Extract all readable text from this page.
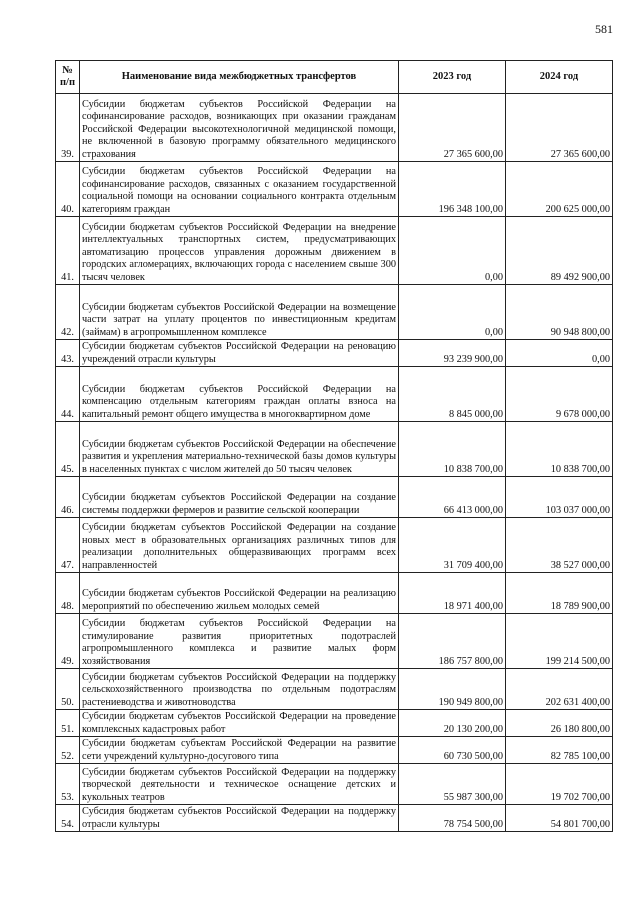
581
№ п/п	Наименование вида межбюджетных трансфертов	2023 год	2024 год
39.	Субсидии бюджетам субъектов Российской Федерации на софинансирование расходов, возникающих при оказании гражданам Российской Федерации высокотехнологичной медицинской помощи, не включенной в базовую программу обязательного медицинского страхования	27 365 600,00	27 365 600,00
40.	Субсидии бюджетам субъектов Российской Федерации на софинансирование расходов, связанных с оказанием государственной социальной помощи на основании социального контракта отдельным категориям граждан	196 348 100,00	200 625 000,00
41.	Субсидии бюджетам субъектов Российской Федерации на внедрение интеллектуальных транспортных систем, предусматривающих автоматизацию процессов управления дорожным движением в городских агломерациях, включающих города с населением свыше 300 тысяч человек	0,00	89 492 900,00
42.	Субсидии бюджетам субъектов Российской Федерации на возмещение части затрат на уплату процентов по инвестиционным кредитам (займам) в агропромышленном комплексе	0,00	90 948 800,00
43.	Субсидии бюджетам субъектов Российской Федерации на реновацию учреждений отрасли культуры	93 239 900,00	0,00
44.	Субсидии бюджетам субъектов Российской Федерации на компенсацию отдельным категориям граждан оплаты взноса на капитальный ремонт общего имущества в многоквартирном доме	8 845 000,00	9 678 000,00
45.	Субсидии бюджетам субъектов Российской Федерации на обеспечение развития и укрепления материально-технической базы домов культуры в населенных пунктах с числом жителей до 50 тысяч человек	10 838 700,00	10 838 700,00
46.	Субсидии бюджетам субъектов Российской Федерации на создание системы поддержки фермеров и развитие сельской кооперации	66 413 000,00	103 037 000,00
47.	Субсидии бюджетам субъектов Российской Федерации на создание новых мест в образовательных организациях различных типов для реализации дополнительных общеразвивающих программ всех направленностей	31 709 400,00	38 527 000,00
48.	Субсидии бюджетам субъектов Российской Федерации на реализацию мероприятий по обеспечению жильем молодых семей	18 971 400,00	18 789 900,00
49.	Субсидии бюджетам субъектов Российской Федерации на стимулирование развития приоритетных подотраслей агропромышленного комплекса и развитие малых форм хозяйствования	186 757 800,00	199 214 500,00
50.	Субсидии бюджетам субъектов Российской Федерации на поддержку сельскохозяйственного производства по отдельным подотраслям растениеводства и животноводства	190 949 800,00	202 631 400,00
51.	Субсидии бюджетам субъектов Российской Федерации на проведение комплексных кадастровых работ	20 130 200,00	26 180 800,00
52.	Субсидии бюджетам субъектам Российской Федерации на развитие сети учреждений культурно-досугового типа	60 730 500,00	82 785 100,00
53.	Субсидии бюджетам субъектов Российской Федерации на поддержку творческой деятельности и техническое оснащение детских и кукольных театров	55 987 300,00	19 702 700,00
54.	Субсидия бюджетам субъектов Российской Федерации на поддержку отрасли культуры	78 754 500,00	54 801 700,00
